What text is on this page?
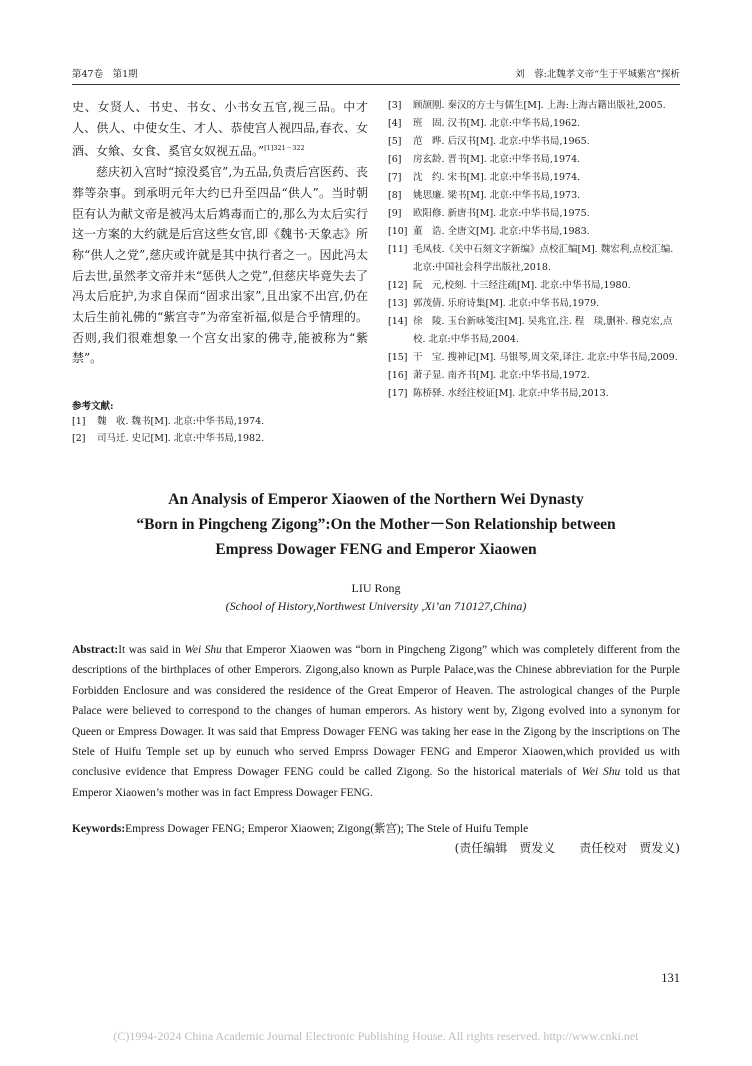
第47卷　第1期	刘　蓉:北魏孝文帝“生于平城紫宫”探析

史、女贤人、书史、书女、小书女五官,视三品。中才人、供人、中使女生、才人、恭使宫人视四品,春衣、女酒、女飨、女食、奚官女奴视五品。”$^{[1]321-322}$

慈庆初入宫时“掠没奚官”,为五品,负责后宫医药、丧葬等杂事。到承明元年大约已升至四品“供人”。当时朝臣有认为献文帝是被冯太后鸩毒而亡的,那么为太后实行这一方案的大约就是后宫这些女官,即《魏书·天象志》所称“供人之党”,慈庆或许就是其中执行者之一。因此冯太后去世,虽然孝文帝并未“惩供人之党”,但慈庆毕竟失去了冯太后庇护,为求自保而“固求出家”,且出家不出宫,仍在太后生前礼佛的“紫宫寺”为帝室祈福,似是合乎情理的。否则,我们很难想象一个宫女出家的佛寺,能被称为“紫禁”。

参考文献:
[1] 魏　收. 魏书[M]. 北京:中华书局,1974.
[2] 司马迁. 史记[M]. 北京:中华书局,1982.
[3] 顾颉刚. 秦汉的方士与儒生[M]. 上海:上海古籍出版社,2005.
[4] 班　固. 汉书[M]. 北京:中华书局,1962.
[5] 范　晔. 后汉书[M]. 北京:中华书局,1965.
[6] 房玄龄. 晋书[M]. 北京:中华书局,1974.
[7] 沈　约. 宋书[M]. 北京:中华书局,1974.
[8] 姚思廉. 梁书[M]. 北京:中华书局,1973.
[9] 欧阳修. 新唐书[M]. 北京:中华书局,1975.
[10] 董　诰. 全唐文[M]. 北京:中华书局,1983.
[11] 毛凤枝.《关中石刻文字新编》点校汇编[M]. 魏宏利,点校汇编. 北京:中国社会科学出版社,2018.
[12] 阮　元,校刻. 十三经注疏[M]. 北京:中华书局,1980.
[13] 郭茂倩. 乐府诗集[M]. 北京:中华书局,1979.
[14] 徐　陵. 玉台新咏笺注[M]. 吴兆宜,注. 程　琰,删补. 穆克宏,点校. 北京:中华书局,2004.
[15] 干　宝. 搜神记[M]. 马银琴,周文荣,译注. 北京:中华书局,2009.
[16] 萧子显. 南齐书[M]. 北京:中华书局,1972.
[17] 陈桥驿. 水经注校证[M]. 北京:中华书局,2013.
An Analysis of Emperor Xiaowen of the Northern Wei Dynasty
“Born in Pingcheng Zigong”:On the Mother－Son Relationship between
Empress Dowager FENG and Emperor Xiaowen
LIU Rong
(School of History,Northwest University ,Xi’an 710127,China)
Abstract:It was said in Wei Shu that Emperor Xiaowen was “born in Pingcheng Zigong” which was completely different from the descriptions of the birthplaces of other Emperors. Zigong,also known as Purple Palace,was the Chinese abbreviation for the Purple Forbidden Enclosure and was considered the residence of the Great Emperor of Heaven. The astrological changes of the Purple Palace were believed to correspond to the changes of human emperors. As history went by, Zigong evolved into a synonym for Queen or Empress Dowager. It was said that Empress Dowager FENG was taking her ease in the Zigong by the inscriptions on The Stele of Huifu Temple set up by eunuch who served Emprss Dowager FENG and Emperor Xiaowen,which provided us with conclusive evidence that Empress Dowager FENG could be called Zigong. So the historical materials of Wei Shu told us that Emperor Xiaowen’s mother was in fact Empress Dowager FENG.
Keywords:Empress Dowager FENG; Emperor Xiaowen; Zigong(紫宫); The Stele of Huifu Temple
(责任编辑　贾发义　　责任校对　贾发义)
131
(C)1994-2024 China Academic Journal Electronic Publishing House. All rights reserved. http://www.cnki.net
